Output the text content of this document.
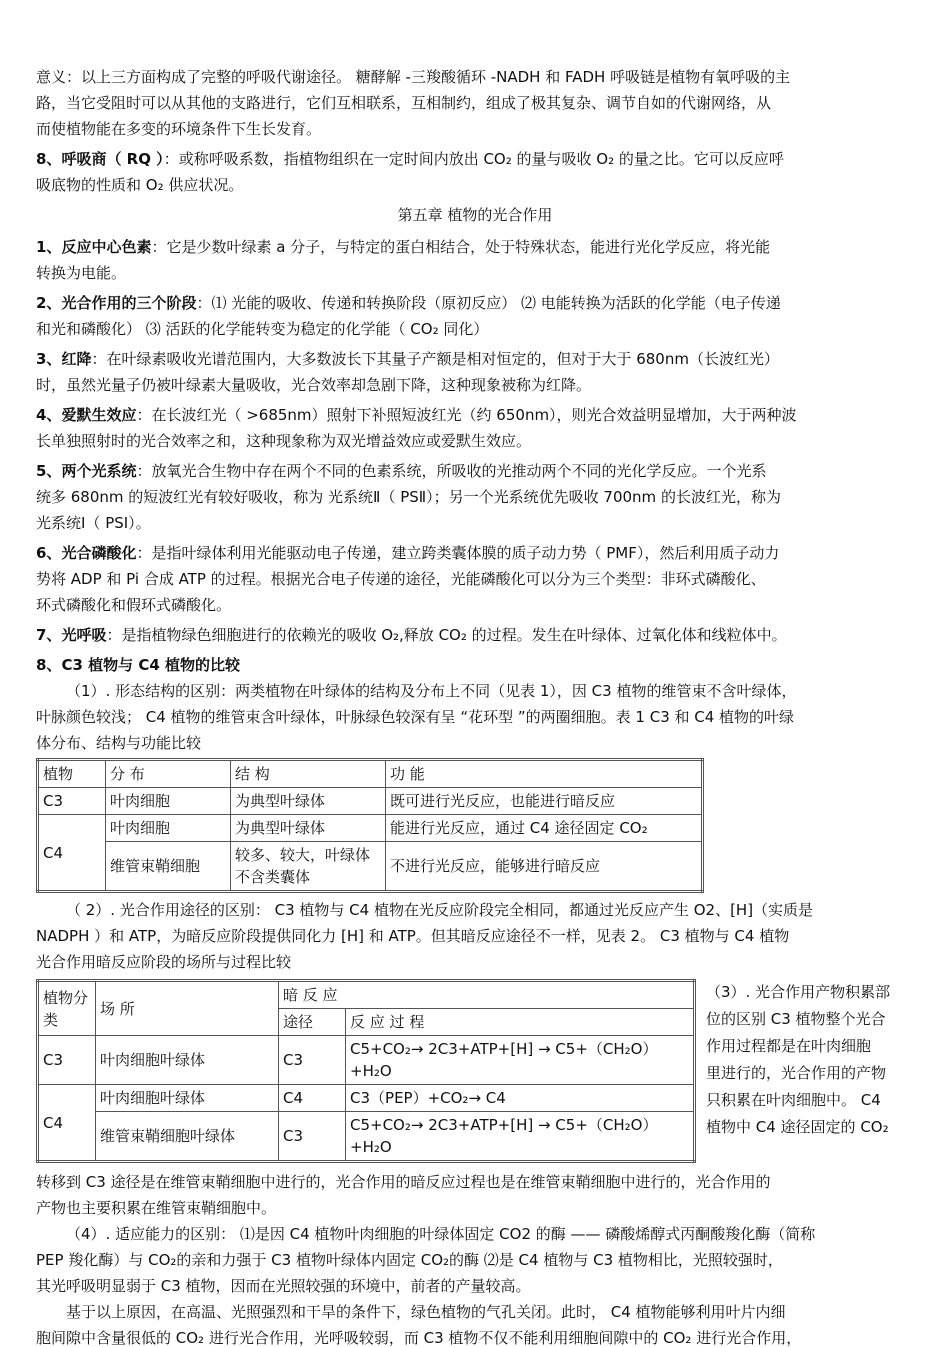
意义：以上三方面构成了完整的呼吸代谢途径。 糖酵解 -三羧酸循环 -NADH 和 FADH 呼吸链是植物有氧呼吸的主

路，当它受阻时可以从其他的支路进行，它们互相联系，互相制约，组成了极其复杂、调节自如的代谢网络，从

而使植物能在多变的环境条件下生长发育。

8、呼吸商（ RQ ）：或称呼吸系数，指植物组织在一定时间内放出 CO₂ 的量与吸收 O₂ 的量之比。它可以反应呼

吸底物的性质和 O₂ 供应状况。

第五章 植物的光合作用

1、反应中心色素：它是少数叶绿素 a 分子，与特定的蛋白相结合，处于特殊状态，能进行光化学反应，将光能

转换为电能。

2、光合作用的三个阶段：⑴ 光能的吸收、传递和转换阶段（原初反应） ⑵ 电能转换为活跃的化学能（电子传递

和光和磷酸化） ⑶ 活跃的化学能转变为稳定的化学能（ CO₂ 同化）

3、红降：在叶绿素吸收光谱范围内，大多数波长下其量子产额是相对恒定的，但对于大于 680nm（长波红光）

时，虽然光量子仍被叶绿素大量吸收，光合效率却急剧下降，这种现象被称为红降。

4、爱默生效应：在长波红光（ >685nm）照射下补照短波红光（约 650nm），则光合效益明显增加，大于两种波

长单独照射时的光合效率之和，这种现象称为双光增益效应或爱默生效应。

5、两个光系统：放氧光合生物中存在两个不同的色素系统，所吸收的光推动两个不同的光化学反应。一个光系

统多 680nm 的短波红光有较好吸收，称为 光系统Ⅱ（ PSⅡ）；另一个光系统优先吸收 700nm 的长波红光，称为

光系统Ⅰ（ PSⅠ）。

6、光合磷酸化：是指叶绿体利用光能驱动电子传递，建立跨类囊体膜的质子动力势（ PMF），然后利用质子动力

势将 ADP 和 Pi 合成 ATP 的过程。根据光合电子传递的途径，光能磷酸化可以分为三个类型：非环式磷酸化、

环式磷酸化和假环式磷酸化。

7、光呼吸：是指植物绿色细胞进行的依赖光的吸收 O₂,释放 CO₂ 的过程。发生在叶绿体、过氧化体和线粒体中。

8、C3 植物与 C4 植物的比较

（1）. 形态结构的区别：两类植物在叶绿体的结构及分布上不同（见表 1），因 C3 植物的维管束不含叶绿体，

叶脉颜色较浅； C4 植物的维管束含叶绿体，叶脉绿色较深有呈 “花环型 ”的两圈细胞。表 1 C3 和 C4 植物的叶绿

体分布、结构与功能比较

植物	分 布	结 构	功 能
C3	叶肉细胞	为典型叶绿体	既可进行光反应，也能进行暗反应
C4	叶肉细胞	为典型叶绿体	能进行光反应，通过 C4 途径固定 CO₂
	维管束鞘细胞	较多、较大，叶绿体不含类囊体	不进行光反应，能够进行暗反应

（ 2）. 光合作用途径的区别： C3 植物与 C4 植物在光反应阶段完全相同，都通过光反应产生 O2、[H]（实质是

NADPH ）和 ATP，为暗反应阶段提供同化力 [H] 和 ATP。但其暗反应途径不一样，见表 2。 C3 植物与 C4 植物

光合作用暗反应阶段的场所与过程比较

植物分类	场 所	暗 反 应	
		途径	反 应 过 程
C3	叶肉细胞叶绿体	C3	C5+CO₂→ 2C3+ATP+[H] → C5+（CH₂O）+H₂O
C4	叶肉细胞叶绿体	C4	C3（PEP）+CO₂→ C4
	维管束鞘细胞叶绿体	C3	C5+CO₂→ 2C3+ATP+[H] → C5+（CH₂O）+H₂O

（3）. 光合作用产物积累部

位的区别 C3 植物整个光合

作用过程都是在叶肉细胞

里进行的，光合作用的产物

只积累在叶肉细胞中。 C4

植物中 C4 途径固定的 CO₂

转移到 C3 途径是在维管束鞘细胞中进行的，光合作用的暗反应过程也是在维管束鞘细胞中进行的，光合作用的

产物也主要积累在维管束鞘细胞中。

（4）. 适应能力的区别： ⑴是因 C4 植物叶肉细胞的叶绿体固定 CO2 的酶 —— 磷酸烯醇式丙酮酸羧化酶（简称

PEP 羧化酶）与 CO₂的亲和力强于 C3 植物叶绿体内固定 CO₂的酶 ⑵是 C4 植物与 C3 植物相比，光照较强时，

其光呼吸明显弱于 C3 植物，因而在光照较强的环境中，前者的产量较高。

基于以上原因，在高温、光照强烈和干旱的条件下，绿色植物的气孔关闭。此时， C4 植物能够利用叶片内细

胞间隙中含量很低的 CO₂ 进行光合作用，光呼吸较弱，而 C3 植物不仅不能利用细胞间隙中的 CO₂ 进行光合作用，
